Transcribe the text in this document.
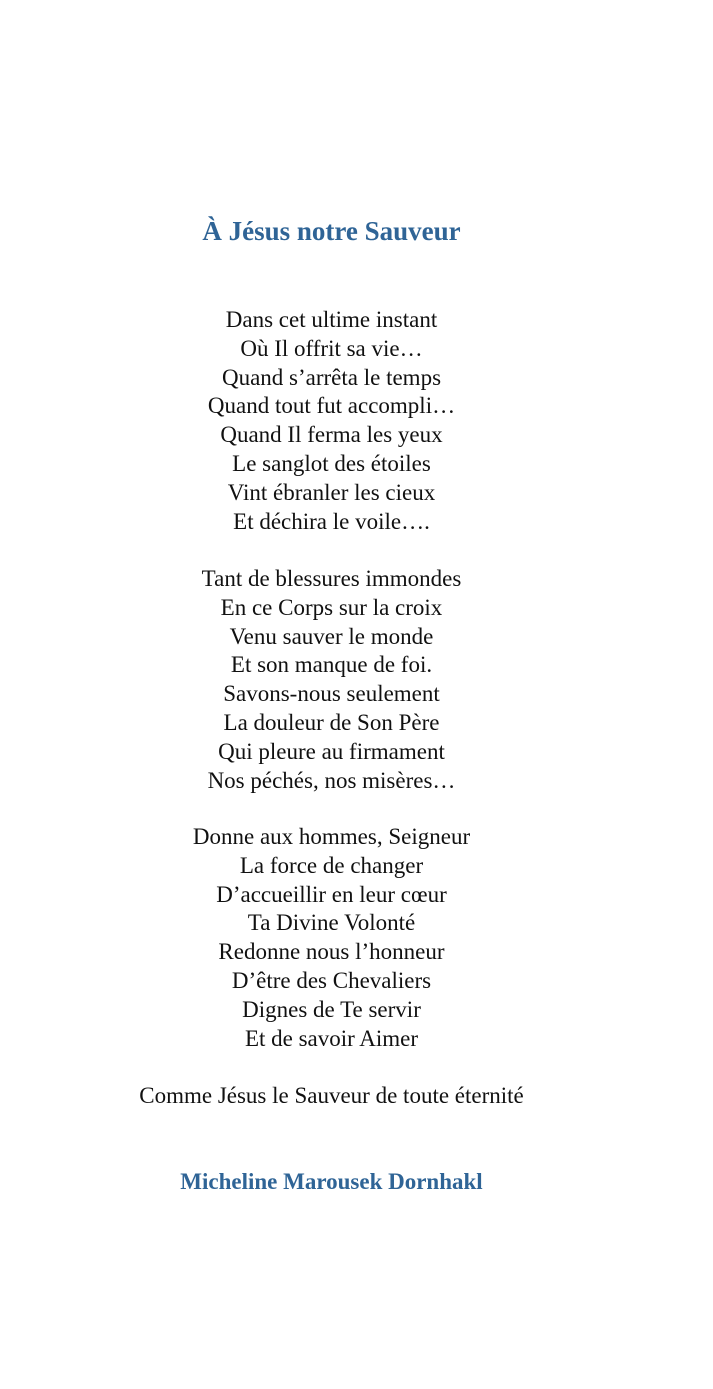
À Jésus notre Sauveur

Dans cet ultime instant
Où Il offrit sa vie…
Quand s’arrêta le temps
Quand tout fut accompli…
Quand Il ferma les yeux
Le sanglot des étoiles
Vint ébranler les cieux
Et déchira le voile….

Tant de blessures immondes
En ce Corps sur la croix
Venu sauver le monde
Et son manque de foi.
Savons-nous seulement
La douleur de Son Père
Qui pleure au firmament
Nos péchés, nos misères…

Donne aux hommes, Seigneur
La force de changer
D’accueillir en leur cœur
Ta Divine Volonté
Redonne nous l’honneur
D’être des Chevaliers
Dignes de Te servir
Et de savoir Aimer

Comme Jésus le Sauveur de toute éternité

Micheline Marousek Dornhakl
